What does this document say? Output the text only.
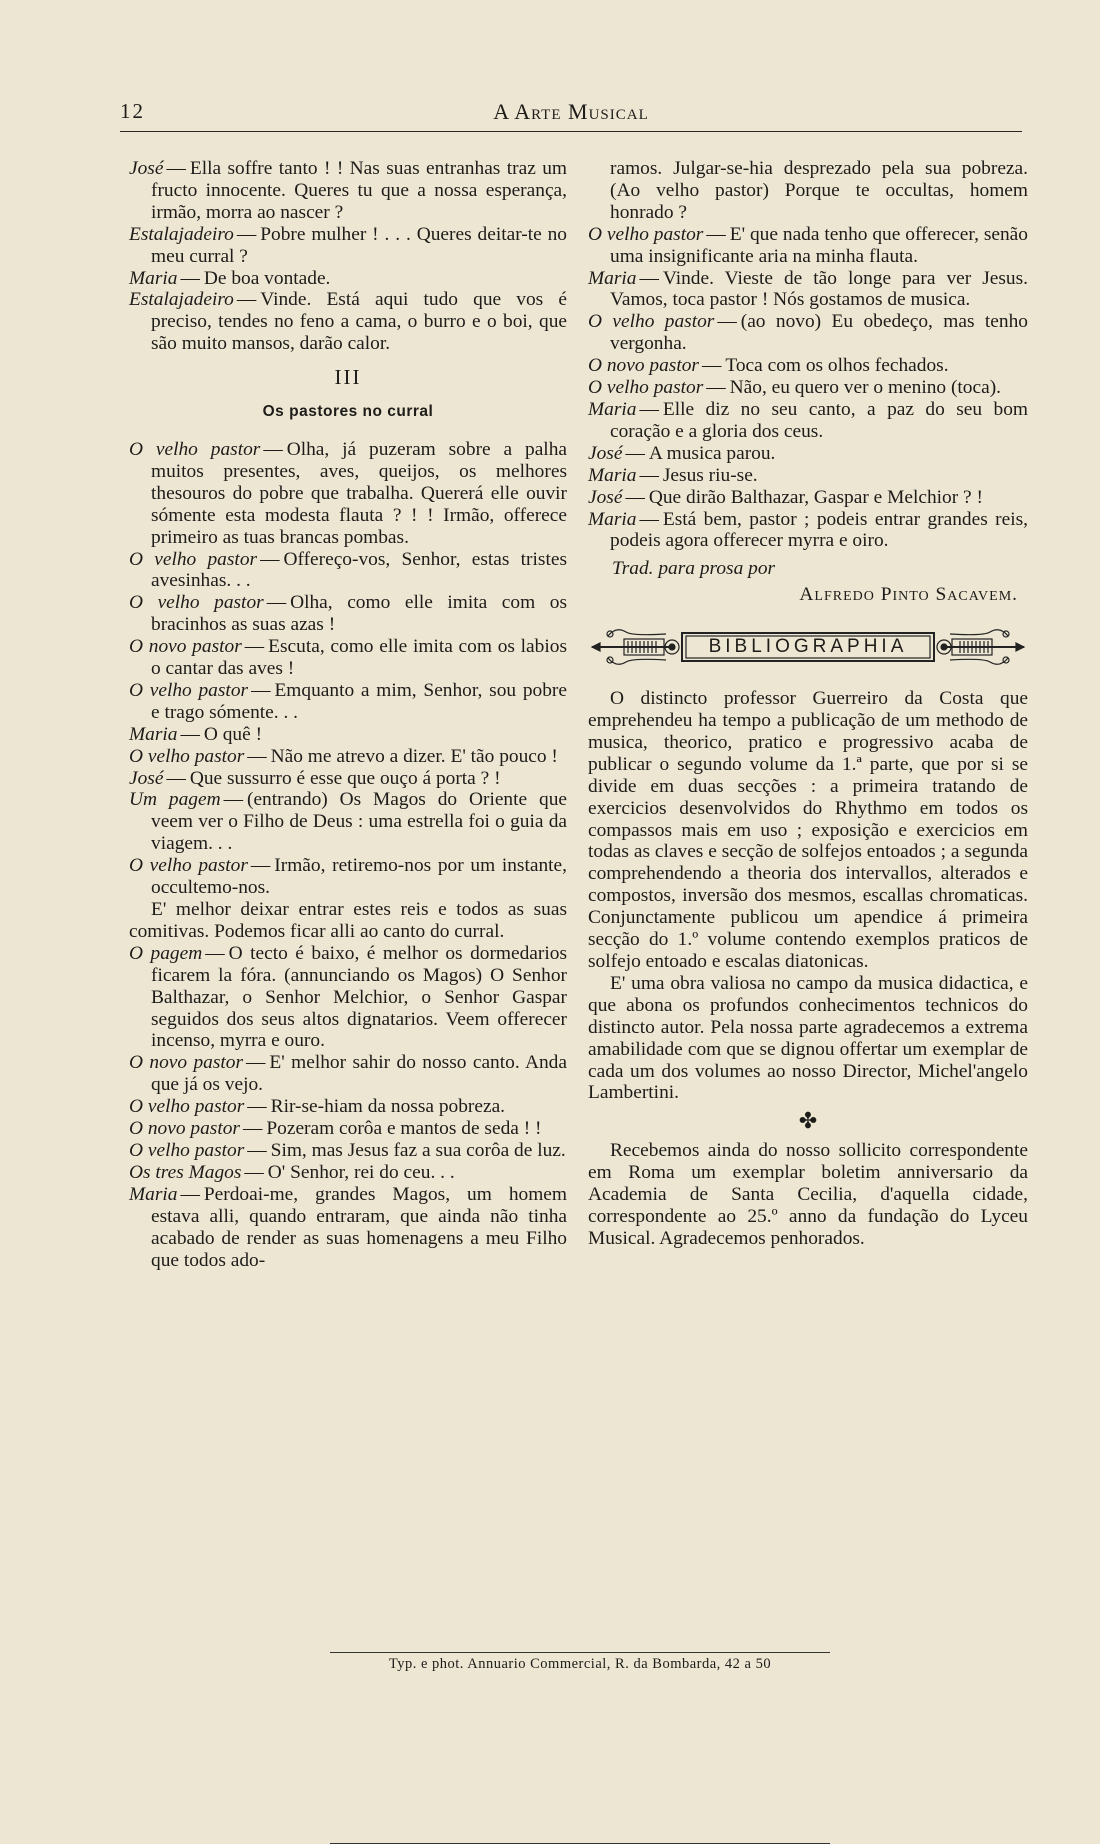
12	A Arte Musical

José — Ella soffre tanto ! ! Nas suas entranhas traz um fructo innocente. Queres tu que a nossa esperança, irmão, morra ao nascer ?

Estalajadeiro — Pobre mulher ! . . . Queres deitar-te no meu curral ?

Maria — De boa vontade.

Estalajadeiro — Vinde. Está aqui tudo que vos é preciso, tendes no feno a cama, o burro e o boi, que são muito mansos, darão calor.

III
Os pastores no curral

O velho pastor — Olha, já puzeram sobre a palha muitos presentes, aves, queijos, os melhores thesouros do pobre que trabalha. Quererá elle ouvir sómente esta modesta flauta ? ! ! Irmão, offerece primeiro as tuas brancas pombas.

O velho pastor — Offereço-vos, Senhor, estas tristes avesinhas. . .

O velho pastor — Olha, como elle imita com os bracinhos as suas azas !

O novo pastor — Escuta, como elle imita com os labios o cantar das aves !

O velho pastor — Emquanto a mim, Senhor, sou pobre e trago sómente. . .

Maria — O quê !

O velho pastor — Não me atrevo a dizer. E' tão pouco !

José — Que sussurro é esse que ouço á porta ? !

Um pagem — (entrando) Os Magos do Oriente que veem ver o Filho de Deus : uma estrella foi o guia da viagem. . .

O velho pastor — Irmão, retiremo-nos por um instante, occultemo-nos.

E' melhor deixar entrar estes reis e todos as suas comitivas. Podemos ficar alli ao canto do curral.

O pagem — O tecto é baixo, é melhor os dormedarios ficarem la fóra. (annunciando os Magos) O Senhor Balthazar, o Senhor Melchior, o Senhor Gaspar seguidos dos seus altos dignatarios. Veem offerecer incenso, myrra e ouro.

O novo pastor — E' melhor sahir do nosso canto. Anda que já os vejo.

O velho pastor — Rir-se-hiam da nossa pobreza.

O novo pastor — Pozeram corôa e mantos de seda ! !

O velho pastor — Sim, mas Jesus faz a sua corôa de luz.

Os tres Magos — O' Senhor, rei do ceu. . .

Maria — Perdoai-me, grandes Magos, um homem estava alli, quando entraram, que ainda não tinha acabado de render as suas homenagens a meu Filho que todos ado-

ramos. Julgar-se-hia desprezado pela sua pobreza. (Ao velho pastor) Porque te occultas, homem honrado ?

O velho pastor — E' que nada tenho que offerecer, senão uma insignificante aria na minha flauta.

Maria — Vinde. Vieste de tão longe para ver Jesus. Vamos, toca pastor ! Nós gostamos de musica.

O velho pastor — (ao novo) Eu obedeço, mas tenho vergonha.

O novo pastor — Toca com os olhos fechados.

O velho pastor — Não, eu quero ver o menino (toca).

Maria — Elle diz no seu canto, a paz do seu bom coração e a gloria dos ceus.

José — A musica parou.

Maria — Jesus riu-se.

José — Que dirão Balthazar, Gaspar e Melchior ? !

Maria — Está bem, pastor ; podeis entrar grandes reis, podeis agora offerecer myrra e oiro.

Trad. para prosa por
Alfredo Pinto Sacavem.
BIBLIOGRAPHIA

O distincto professor Guerreiro da Costa que emprehendeu ha tempo a publicação de um methodo de musica, theorico, pratico e progressivo acaba de publicar o segundo volume da 1.ª parte, que por si se divide em duas secções : a primeira tratando de exercicios desenvolvidos do Rhythmo em todos os compassos mais em uso ; exposição e exercicios em todas as claves e secção de solfejos entoados ; a segunda comprehendendo a theoria dos intervallos, alterados e compostos, inversão dos mesmos, escallas chromaticas. Conjunctamente publicou um apendice á primeira secção do 1.º volume contendo exemplos praticos de solfejo entoado e escalas diatonicas.

E' uma obra valiosa no campo da musica didactica, e que abona os profundos conhecimentos technicos do distincto autor. Pela nossa parte agradecemos a extrema amabilidade com que se dignou offertar um exemplar de cada um dos volumes ao nosso Director, Michel'angelo Lambertini.

✤

Recebemos ainda do nosso sollicito correspondente em Roma um exemplar boletim anniversario da Academia de Santa Cecilia, d'aquella cidade, correspondente ao 25.º anno da fundação do Lyceu Musical. Agradecemos penhorados.

Typ. e phot. Annuario Commercial, R. da Bombarda, 42 a 50
